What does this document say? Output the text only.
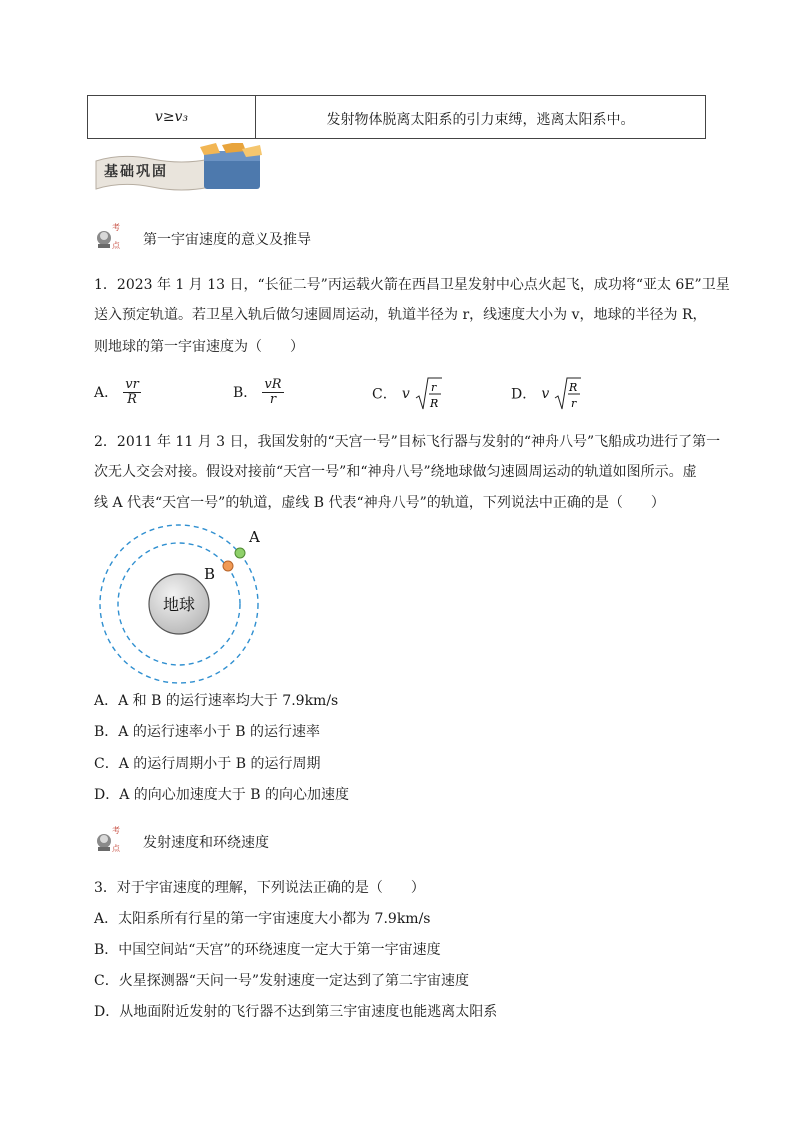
v≥v₃	发射物体脱离太阳系的引力束缚，逃离太阳系中。
基础巩固
考
点 第一宇宙速度的意义及推导
1．2023 年 1 月 13 日，“长征二号”丙运载火箭在西昌卫星发射中心点火起飞，成功将“亚太 6E”卫星
送入预定轨道。若卫星入轨后做匀速圆周运动，轨道半径为 r，线速度大小为 v，地球的半径为 R，
则地球的第一宇宙速度为（　　）
A． $\frac{vr}{R}$	B． $\frac{vR}{r}$	C． v r
R
D． v R
r
2．2011 年 11 月 3 日，我国发射的“天宫一号”目标飞行器与发射的“神舟八号”飞船成功进行了第一
次无人交会对接。假设对接前“天宫一号”和“神舟八号”绕地球做匀速圆周运动的轨道如图所示。虚
线 A 代表“天宫一号”的轨道，虚线 B 代表“神舟八号”的轨道，下列说法中正确的是（　　）
地球
A
B
A．A 和 B 的运行速率均大于 7.9km/s
B．A 的运行速率小于 B 的运行速率
C．A 的运行周期小于 B 的运行周期
D．A 的向心加速度大于 B 的向心加速度
考
点 发射速度和环绕速度
3．对于宇宙速度的理解，下列说法正确的是（　　）
A．太阳系所有行星的第一宇宙速度大小都为 7.9km/s
B．中国空间站“天宫”的环绕速度一定大于第一宇宙速度
C．火星探测器“天问一号”发射速度一定达到了第二宇宙速度
D．从地面附近发射的飞行器不达到第三宇宙速度也能逃离太阳系
